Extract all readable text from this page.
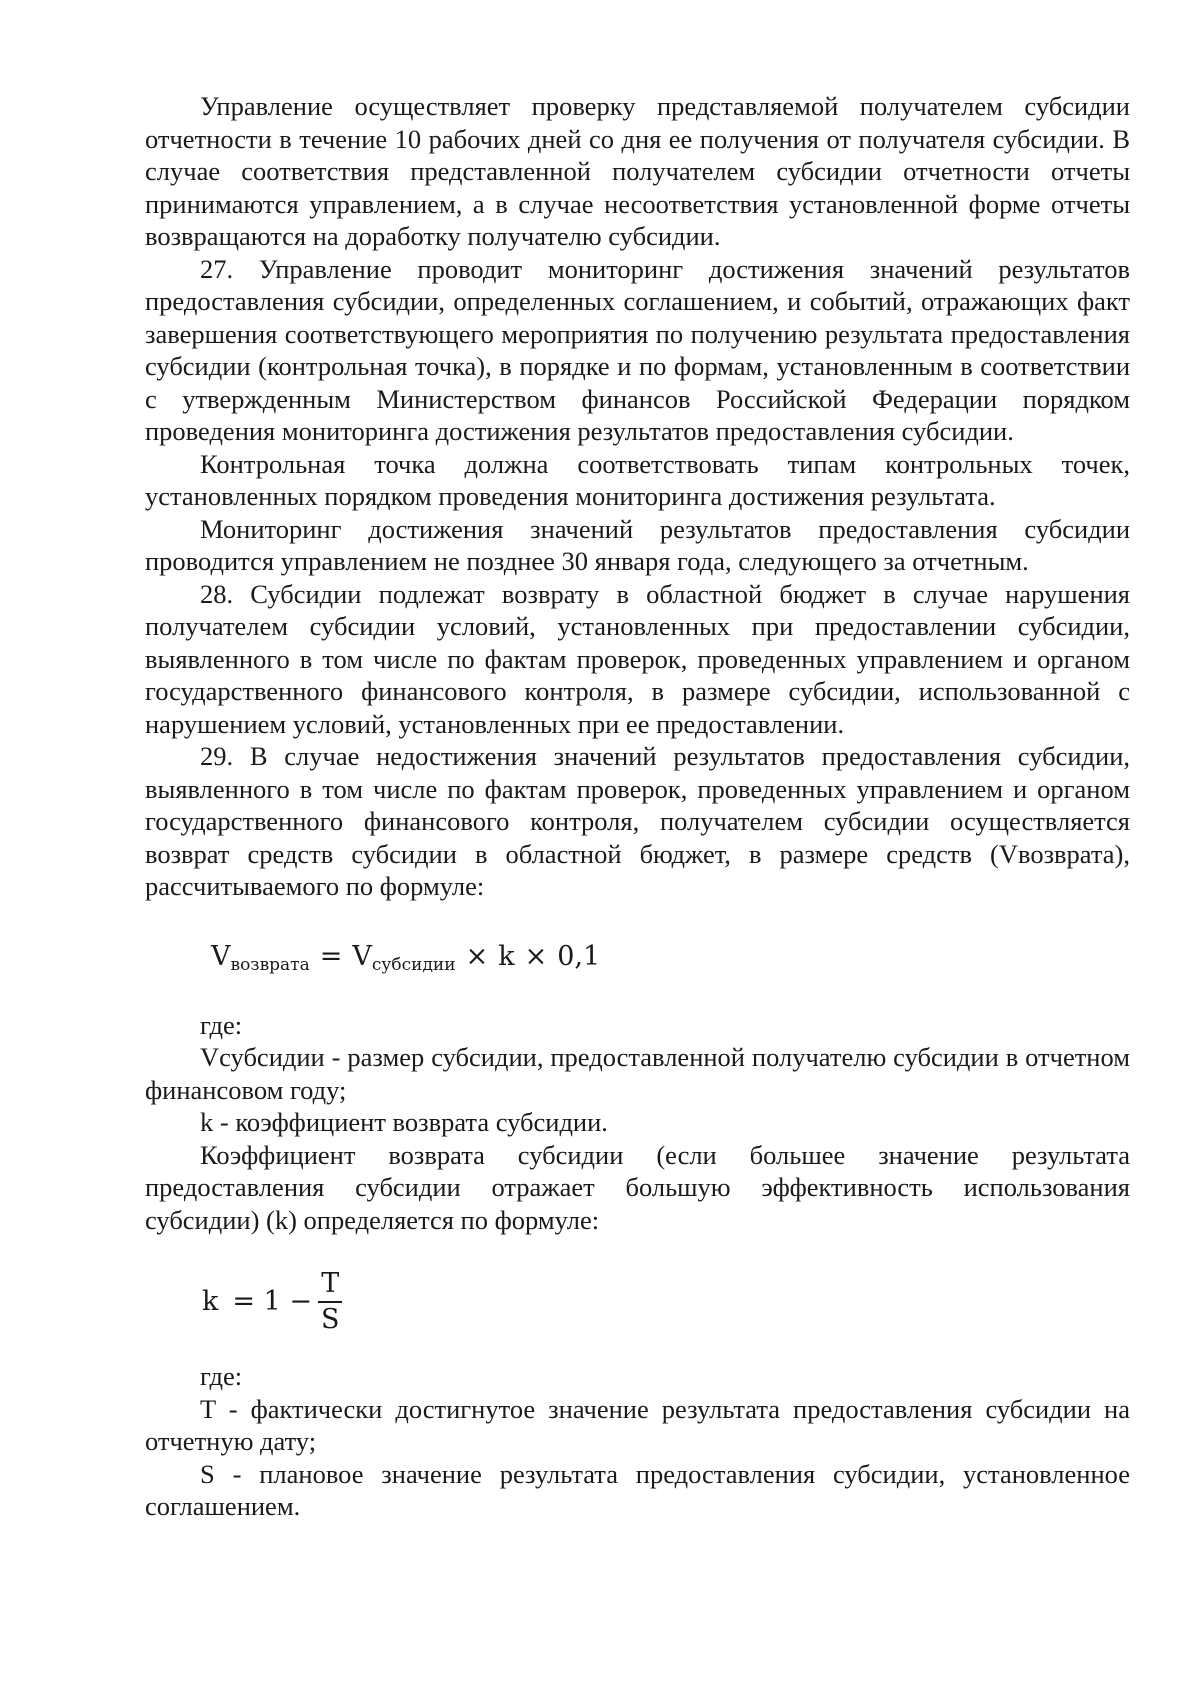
Управление осуществляет проверку представляемой получателем субсидии отчетности в течение 10 рабочих дней со дня ее получения от получателя субсидии. В случае соответствия представленной получателем субсидии отчетности отчеты принимаются управлением, а в случае несоответствия установленной форме отчеты возвращаются на доработку получателю субсидии.

27. Управление проводит мониторинг достижения значений результатов предоставления субсидии, определенных соглашением, и событий, отражающих факт завершения соответствующего мероприятия по получению результата предоставления субсидии (контрольная точка), в порядке и по формам, установленным в соответствии с утвержденным Министерством финансов Российской Федерации порядком проведения мониторинга достижения результатов предоставления субсидии.

Контрольная точка должна соответствовать типам контрольных точек, установленных порядком проведения мониторинга достижения результата.

Мониторинг достижения значений результатов предоставления субсидии проводится управлением не позднее 30 января года, следующего за отчетным.

28. Субсидии подлежат возврату в областной бюджет в случае нарушения получателем субсидии условий, установленных при предоставлении субсидии, выявленного в том числе по фактам проверок, проведенных управлением и органом государственного финансового контроля, в размере субсидии, использованной с нарушением условий, установленных при ее предоставлении.

29. В случае недостижения значений результатов предоставления субсидии, выявленного в том числе по фактам проверок, проведенных управлением и органом государственного финансового контроля, получателем субсидии осуществляется возврат средств субсидии в областной бюджет, в размере средств (Vвозврата), рассчитываемого по формуле:

$V_{возврата} = V_{субсидии} \times k \times 0,1$

где:

Vсубсидии - размер субсидии, предоставленной получателю субсидии в отчетном финансовом году;

k - коэффициент возврата субсидии.

Коэффициент возврата субсидии (если большее значение результата предоставления субсидии отражает большую эффективность использования субсидии) (k) определяется по формуле:

$k = 1 - \frac{T}{S}$

где:

T - фактически достигнутое значение результата предоставления субсидии на отчетную дату;

S - плановое значение результата предоставления субсидии, установленное соглашением.
